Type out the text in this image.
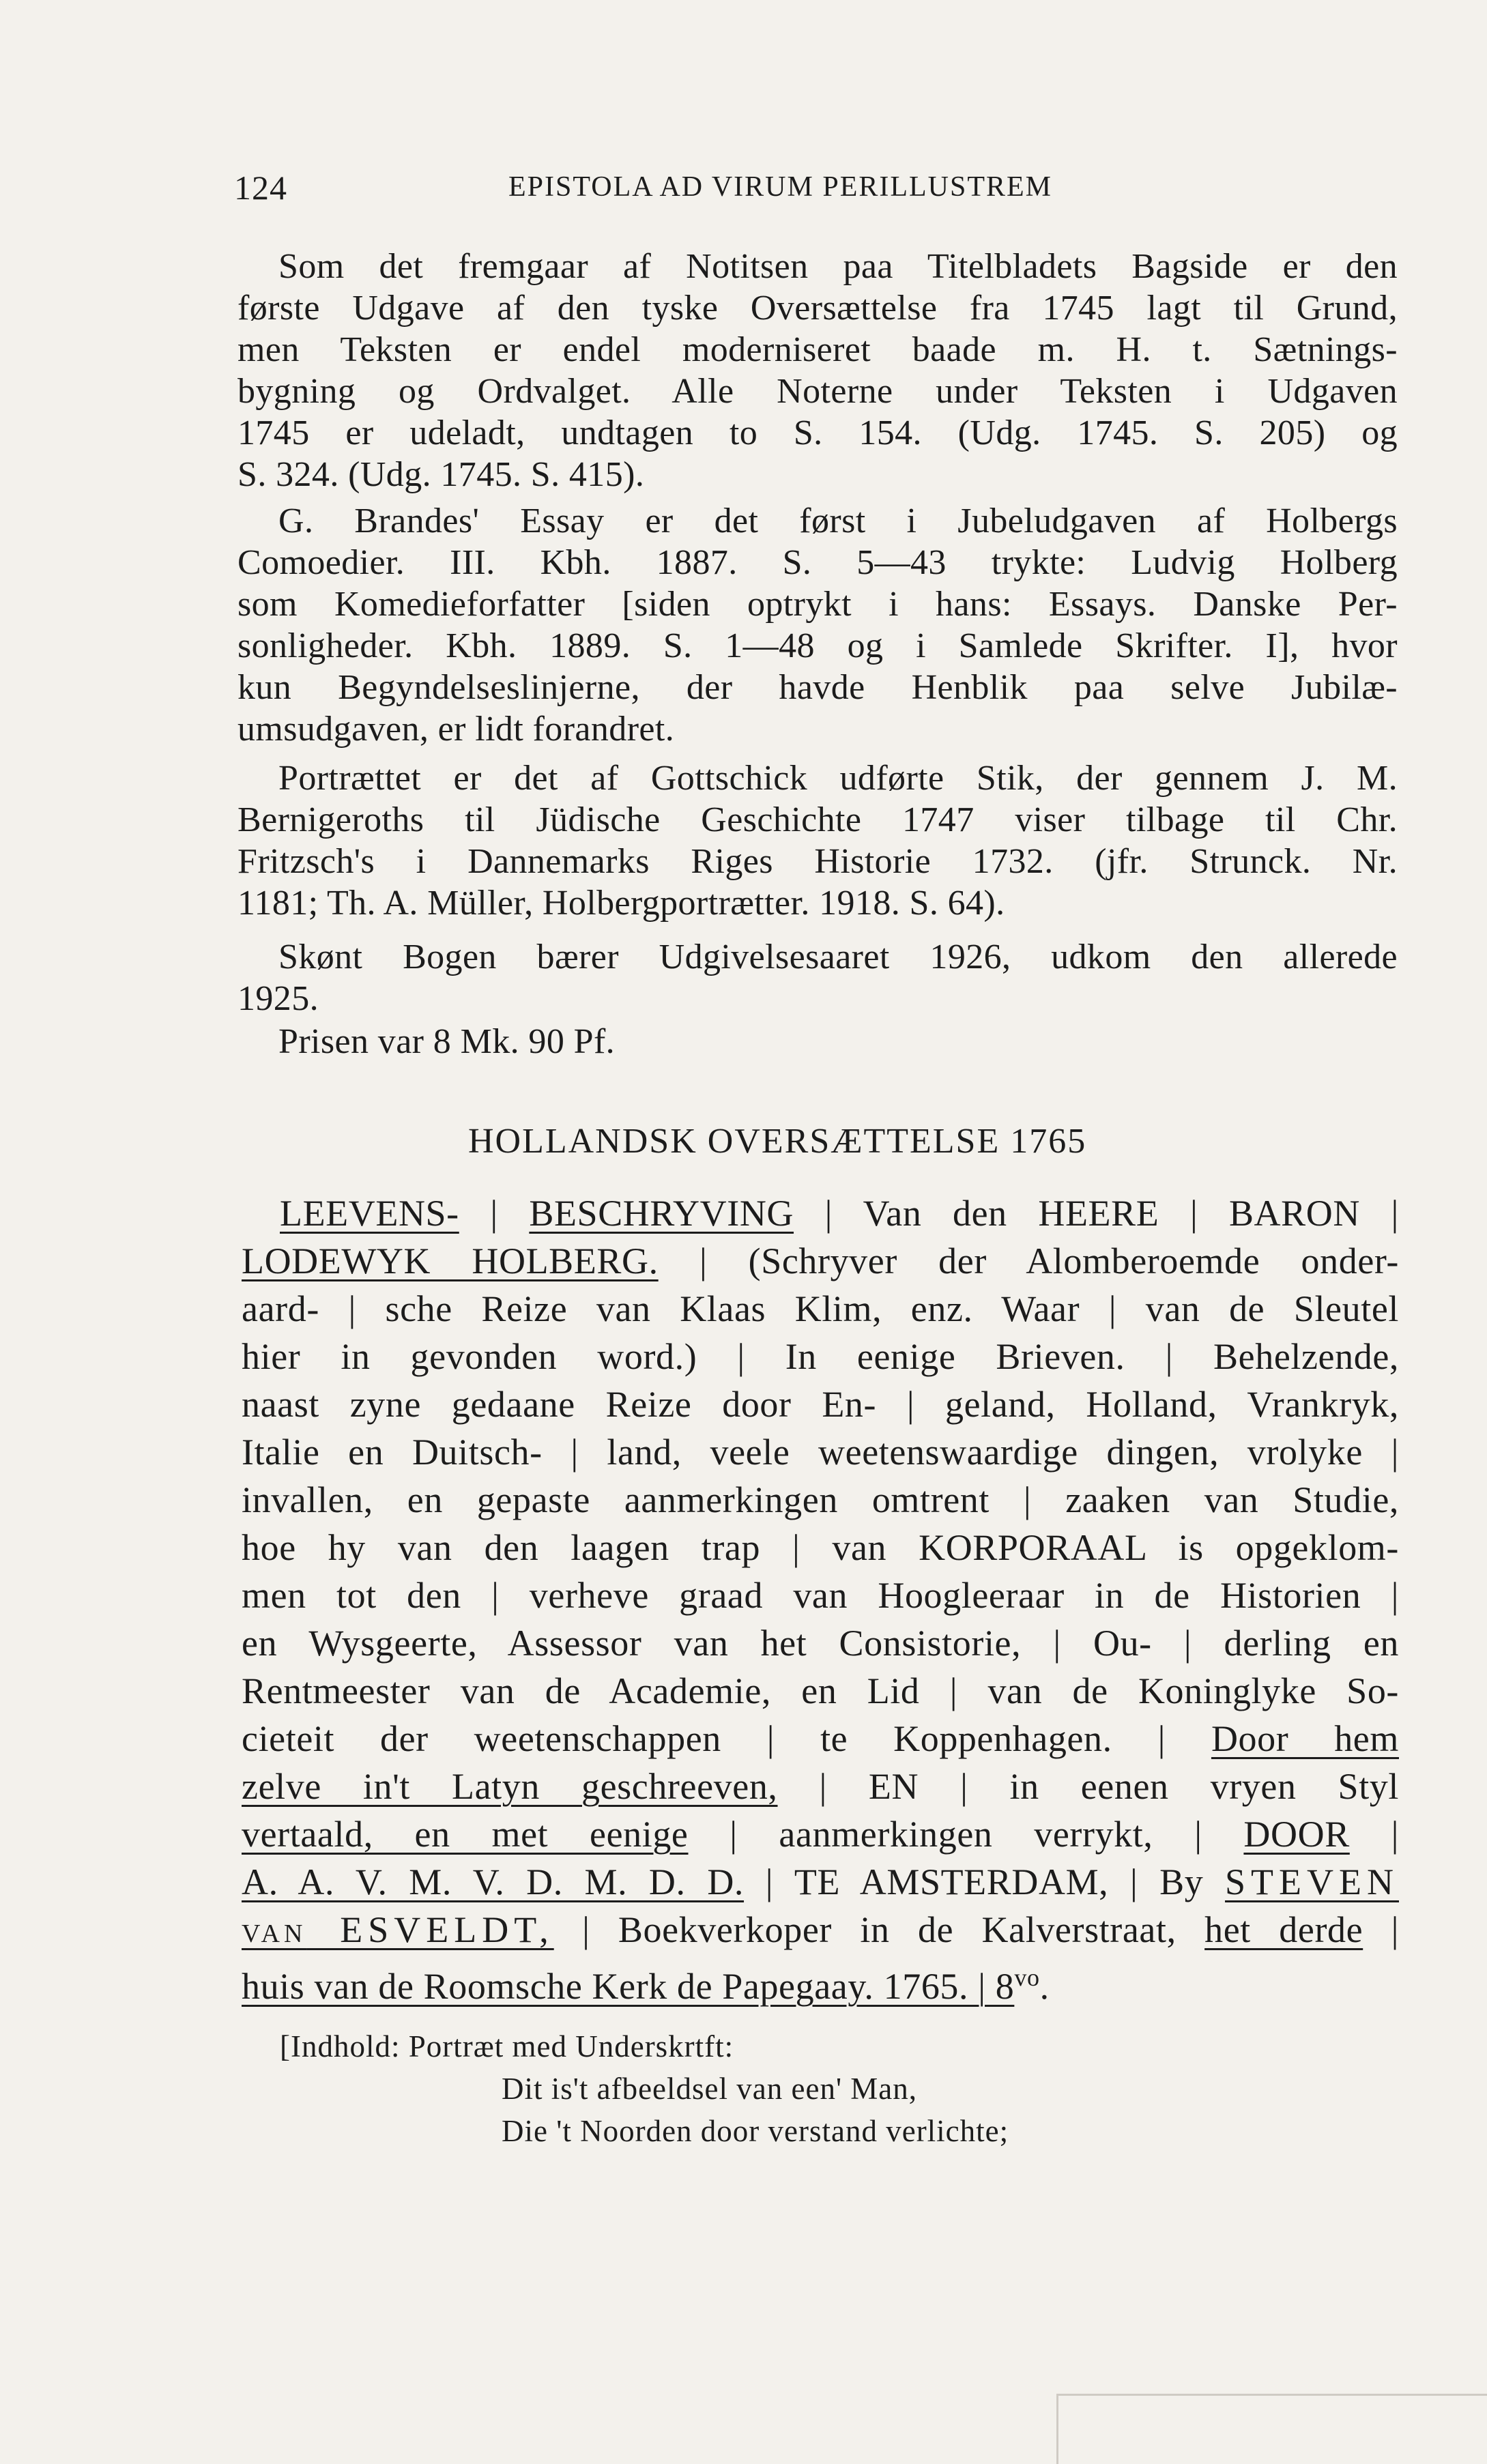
124	EPISTOLA AD VIRUM PERILLUSTREM
Som det fremgaar af Notitsen paa Titelbladets Bagside er den
første Udgave af den tyske Oversættelse fra 1745 lagt til Grund,
men Teksten er endel moderniseret baade m. H. t. Sætnings-
bygning og Ordvalget. Alle Noterne under Teksten i Udgaven
1745 er udeladt, undtagen to S. 154. (Udg. 1745. S. 205) og
S. 324. (Udg. 1745. S. 415).
G. Brandes' Essay er det først i Jubeludgaven af Holbergs
Comoedier. III. Kbh. 1887. S. 5—43 trykte: Ludvig Holberg
som Komedieforfatter [siden optrykt i hans: Essays. Danske Per-
sonligheder. Kbh. 1889. S. 1—48 og i Samlede Skrifter. I], hvor
kun Begyndelseslinjerne, der havde Henblik paa selve Jubilæ-
umsudgaven, er lidt forandret.
Portrættet er det af Gottschick udførte Stik, der gennem J. M.
Bernigeroths til Jüdische Geschichte 1747 viser tilbage til Chr.
Fritzsch's i Dannemarks Riges Historie 1732. (jfr. Strunck. Nr.
1181; Th. A. Müller, Holbergportrætter. 1918. S. 64).
Skønt Bogen bærer Udgivelsesaaret 1926, udkom den allerede
1925.
Prisen var 8 Mk. 90 Pf.
HOLLANDSK OVERSÆTTELSE 1765
LEEVENS- | BESCHRYVING | Van den HEERE | BARON |
LODEWYK HOLBERG. | (Schryver der Alomberoemde onder-
aard- | sche Reize van Klaas Klim, enz. Waar | van de Sleutel
hier in gevonden word.) | In eenige Brieven. | Behelzende,
naast zyne gedaane Reize door En- | geland, Holland, Vrankryk,
Italie en Duitsch- | land, veele weetenswaardige dingen, vrolyke |
invallen, en gepaste aanmerkingen omtrent | zaaken van Studie,
hoe hy van den laagen trap | van KORPORAAL is opgeklom-
men tot den | verheve graad van Hoogleeraar in de Historien |
en Wysgeerte, Assessor van het Consistorie, | Ou- | derling en
Rentmeester van de Academie, en Lid | van de Koninglyke So-
cieteit der weetenschappen | te Koppenhagen. | Door hem
zelve in't Latyn geschreeven, | EN | in eenen vryen Styl
vertaald, en met eenige | aanmerkingen verrykt, | DOOR |
A. A. V. M. V. D. M. D. D. | TE AMSTERDAM, | By STEVEN
VAN ESVELDT, | Boekverkoper in de Kalverstraat, het derde |
huis van de Roomsche Kerk de Papegaay. 1765. | $8^{vo}$.
[Indhold: Portræt med Underskrtft:
Dit is't afbeeldsel van een' Man,
Die 't Noorden door verstand verlichte;
